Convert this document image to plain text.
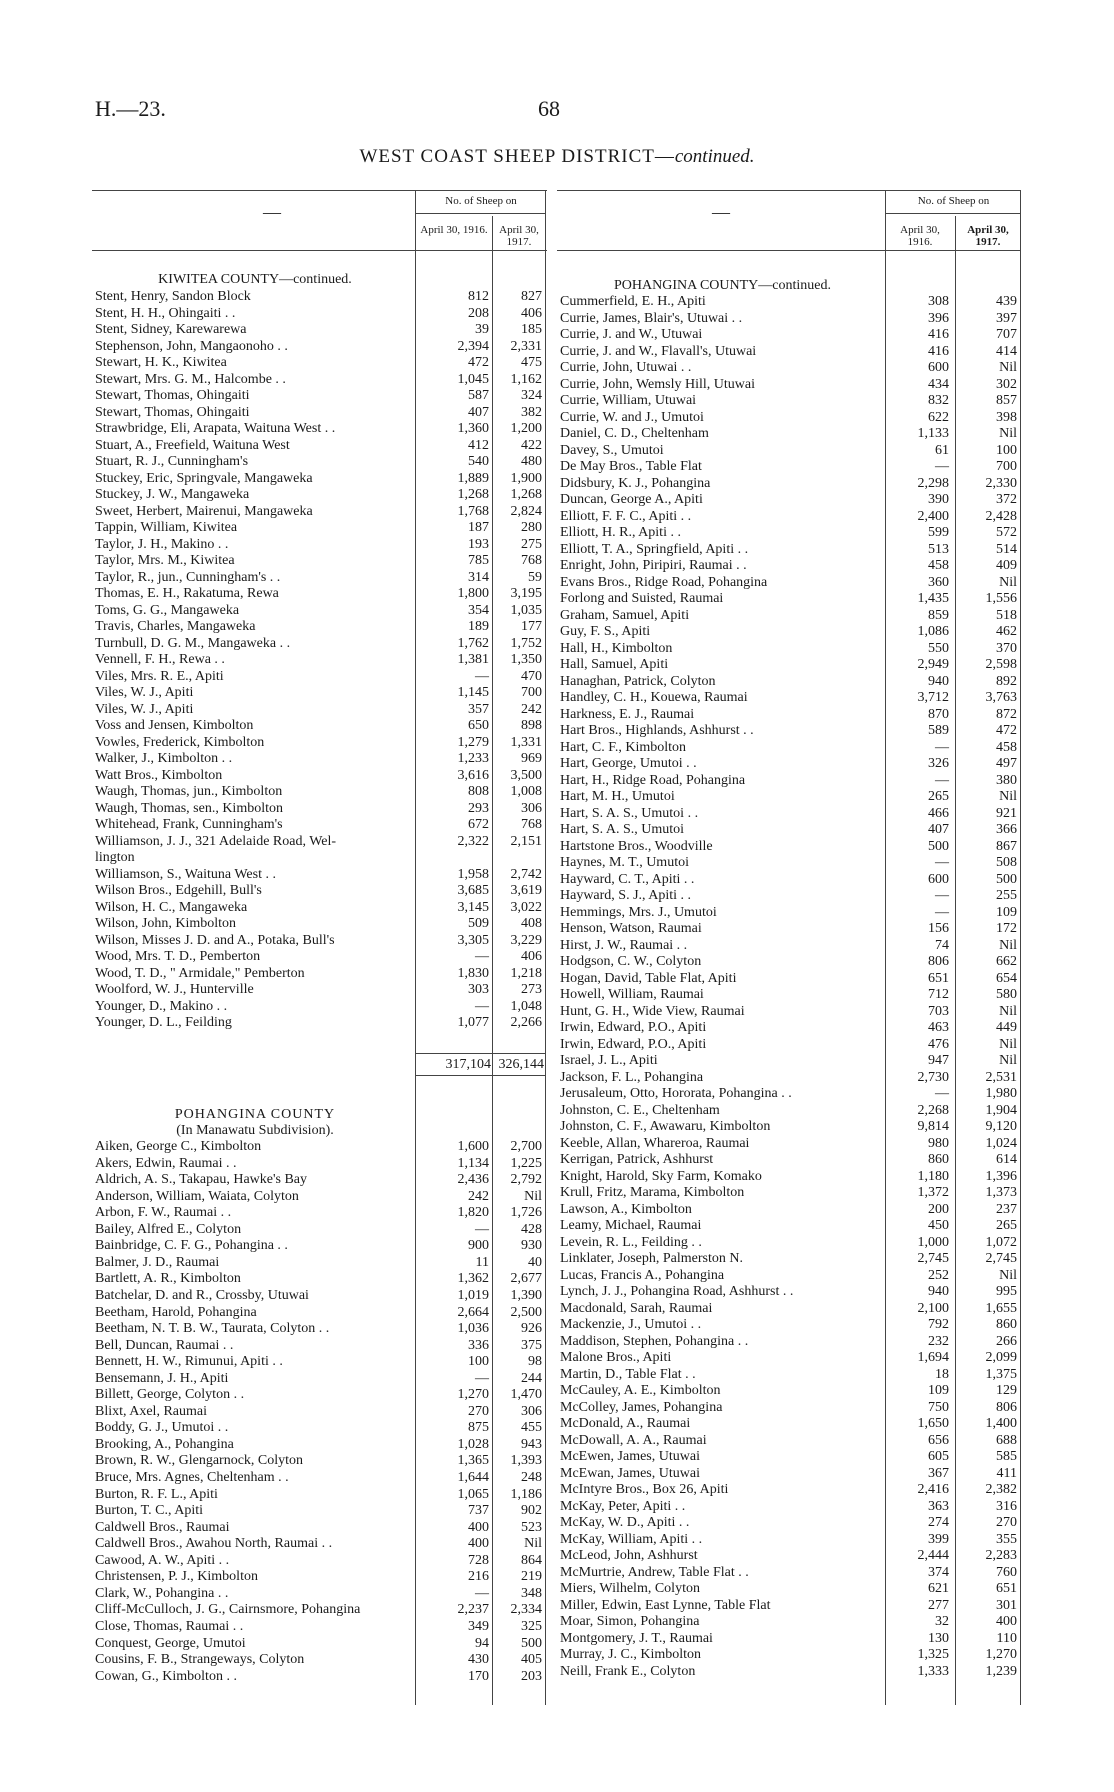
H.—23.	68
WEST COAST SHEEP DISTRICT—continued.
—
No. of Sheep on
April 30, 1916.	April 30, 1917.
KIWITEA COUNTY—continued.
Stent, Henry, Sandon Block	812	827
Stent, H. H., Ohingaiti . .	208	406
Stent, Sidney, Karewarewa	39	185
Stephenson, John, Mangaonoho . .	2,394	2,331
Stewart, H. K., Kiwitea	472	475
Stewart, Mrs. G. M., Halcombe . .	1,045	1,162
Stewart, Thomas, Ohingaiti	587	324
Stewart, Thomas, Ohingaiti	407	382
Strawbridge, Eli, Arapata, Waituna West . .	1,360	1,200
Stuart, A., Freefield, Waituna West	412	422
Stuart, R. J., Cunningham's	540	480
Stuckey, Eric, Springvale, Mangaweka	1,889	1,900
Stuckey, J. W., Mangaweka	1,268	1,268
Sweet, Herbert, Mairenui, Mangaweka	1,768	2,824
Tappin, William, Kiwitea	187	280
Taylor, J. H., Makino . .	193	275
Taylor, Mrs. M., Kiwitea	785	768
Taylor, R., jun., Cunningham's . .	314	59
Thomas, E. H., Rakatuma, Rewa	1,800	3,195
Toms, G. G., Mangaweka	354	1,035
Travis, Charles, Mangaweka	189	177
Turnbull, D. G. M., Mangaweka . .	1,762	1,752
Vennell, F. H., Rewa . .	1,381	1,350
Viles, Mrs. R. E., Apiti	—	470
Viles, W. J., Apiti	1,145	700
Viles, W. J., Apiti	357	242
Voss and Jensen, Kimbolton	650	898
Vowles, Frederick, Kimbolton	1,279	1,331
Walker, J., Kimbolton . .	1,233	969
Watt Bros., Kimbolton	3,616	3,500
Waugh, Thomas, jun., Kimbolton	808	1,008
Waugh, Thomas, sen., Kimbolton	293	306
Whitehead, Frank, Cunningham's	672	768
Williamson, J. J., 321 Adelaide Road, Wel-	2,322	2,151
lington
Williamson, S., Waituna West . .	1,958	2,742
Wilson Bros., Edgehill, Bull's	3,685	3,619
Wilson, H. C., Mangaweka	3,145	3,022
Wilson, John, Kimbolton	509	408
Wilson, Misses J. D. and A., Potaka, Bull's	3,305	3,229
Wood, Mrs. T. D., Pemberton	—	406
Wood, T. D., " Armidale," Pemberton	1,830	1,218
Woolford, W. J., Hunterville	303	273
Younger, D., Makino . .	—	1,048
Younger, D. L., Feilding	1,077	2,266
317,104 326,144
POHANGINA COUNTY
(In Manawatu Subdivision).
Aiken, George C., Kimbolton	1,600	2,700
Akers, Edwin, Raumai . .	1,134	1,225
Aldrich, A. S., Takapau, Hawke's Bay	2,436	2,792
Anderson, William, Waiata, Colyton	242	Nil
Arbon, F. W., Raumai . .	1,820	1,726
Bailey, Alfred E., Colyton	—	428
Bainbridge, C. F. G., Pohangina . .	900	930
Balmer, J. D., Raumai	11	40
Bartlett, A. R., Kimbolton	1,362	2,677
Batchelar, D. and R., Crossby, Utuwai	1,019	1,390
Beetham, Harold, Pohangina	2,664	2,500
Beetham, N. T. B. W., Taurata, Colyton . .	1,036	926
Bell, Duncan, Raumai . .	336	375
Bennett, H. W., Rimunui, Apiti . .	100	98
Bensemann, J. H., Apiti	—	244
Billett, George, Colyton . .	1,270	1,470
Blixt, Axel, Raumai	270	306
Boddy, G. J., Umutoi . .	875	455
Brooking, A., Pohangina	1,028	943
Brown, R. W., Glengarnock, Colyton	1,365	1,393
Bruce, Mrs. Agnes, Cheltenham . .	1,644	248
Burton, R. F. L., Apiti	1,065	1,186
Burton, T. C., Apiti	737	902
Caldwell Bros., Raumai	400	523
Caldwell Bros., Awahou North, Raumai . .	400	Nil
Cawood, A. W., Apiti . .	728	864
Christensen, P. J., Kimbolton	216	219
Clark, W., Pohangina . .	—	348
Cliff-McCulloch, J. G., Cairnsmore, Pohangina	2,237	2,334
Close, Thomas, Raumai . .	349	325
Conquest, George, Umutoi	94	500
Cousins, F. B., Strangeways, Colyton	430	405
Cowan, G., Kimbolton . .	170	203
—
No. of Sheep on
April 30, 1916.
April 30, 1917.
POHANGINA COUNTY—continued.
Cummerfield, E. H., Apiti	308	439
Currie, James, Blair's, Utuwai . .	396	397
Currie, J. and W., Utuwai	416	707
Currie, J. and W., Flavall's, Utuwai	416	414
Currie, John, Utuwai . .	600	Nil
Currie, John, Wemsly Hill, Utuwai	434	302
Currie, William, Utuwai	832	857
Currie, W. and J., Umutoi	622	398
Daniel, C. D., Cheltenham	1,133	Nil
Davey, S., Umutoi	61	100
De May Bros., Table Flat	—	700
Didsbury, K. J., Pohangina	2,298	2,330
Duncan, George A., Apiti	390	372
Elliott, F. F. C., Apiti . .	2,400	2,428
Elliott, H. R., Apiti . .	599	572
Elliott, T. A., Springfield, Apiti . .	513	514
Enright, John, Piripiri, Raumai . .	458	409
Evans Bros., Ridge Road, Pohangina	360	Nil
Forlong and Suisted, Raumai	1,435	1,556
Graham, Samuel, Apiti	859	518
Guy, F. S., Apiti	1,086	462
Hall, H., Kimbolton	550	370
Hall, Samuel, Apiti	2,949	2,598
Hanaghan, Patrick, Colyton	940	892
Handley, C. H., Kouewa, Raumai	3,712	3,763
Harkness, E. J., Raumai	870	872
Hart Bros., Highlands, Ashhurst . .	589	472
Hart, C. F., Kimbolton	—	458
Hart, George, Umutoi . .	326	497
Hart, H., Ridge Road, Pohangina	—	380
Hart, M. H., Umutoi	265	Nil
Hart, S. A. S., Umutoi . .	466	921
Hart, S. A. S., Umutoi	407	366
Hartstone Bros., Woodville	500	867
Haynes, M. T., Umutoi	—	508
Hayward, C. T., Apiti . .	600	500
Hayward, S. J., Apiti . .	—	255
Hemmings, Mrs. J., Umutoi	—	109
Henson, Watson, Raumai	156	172
Hirst, J. W., Raumai . .	74	Nil
Hodgson, C. W., Colyton	806	662
Hogan, David, Table Flat, Apiti	651	654
Howell, William, Raumai	712	580
Hunt, G. H., Wide View, Raumai	703	Nil
Irwin, Edward, P.O., Apiti	463	449
Irwin, Edward, P.O., Apiti	476	Nil
Israel, J. L., Apiti	947	Nil
Jackson, F. L., Pohangina	2,730	2,531
Jerusaleum, Otto, Hororata, Pohangina . .	—	1,980
Johnston, C. E., Cheltenham	2,268	1,904
Johnston, C. F., Awawaru, Kimbolton	9,814	9,120
Keeble, Allan, Whareroa, Raumai	980	1,024
Kerrigan, Patrick, Ashhurst	860	614
Knight, Harold, Sky Farm, Komako	1,180	1,396
Krull, Fritz, Marama, Kimbolton	1,372	1,373
Lawson, A., Kimbolton	200	237
Leamy, Michael, Raumai	450	265
Levein, R. L., Feilding . .	1,000	1,072
Linklater, Joseph, Palmerston N.	2,745	2,745
Lucas, Francis A., Pohangina	252	Nil
Lynch, J. J., Pohangina Road, Ashhurst . .	940	995
Macdonald, Sarah, Raumai	2,100	1,655
Mackenzie, J., Umutoi . .	792	860
Maddison, Stephen, Pohangina . .	232	266
Malone Bros., Apiti	1,694	2,099
Martin, D., Table Flat . .	18	1,375
McCauley, A. E., Kimbolton	109	129
McColley, James, Pohangina	750	806
McDonald, A., Raumai	1,650	1,400
McDowall, A. A., Raumai	656	688
McEwen, James, Utuwai	605	585
McEwan, James, Utuwai	367	411
McIntyre Bros., Box 26, Apiti	2,416	2,382
McKay, Peter, Apiti . .	363	316
McKay, W. D., Apiti . .	274	270
McKay, William, Apiti . .	399	355
McLeod, John, Ashhurst	2,444	2,283
McMurtrie, Andrew, Table Flat . .	374	760
Miers, Wilhelm, Colyton	621	651
Miller, Edwin, East Lynne, Table Flat	277	301
Moar, Simon, Pohangina	32	400
Montgomery, J. T., Raumai	130	110
Murray, J. C., Kimbolton	1,325	1,270
Neill, Frank E., Colyton	1,333	1,239
